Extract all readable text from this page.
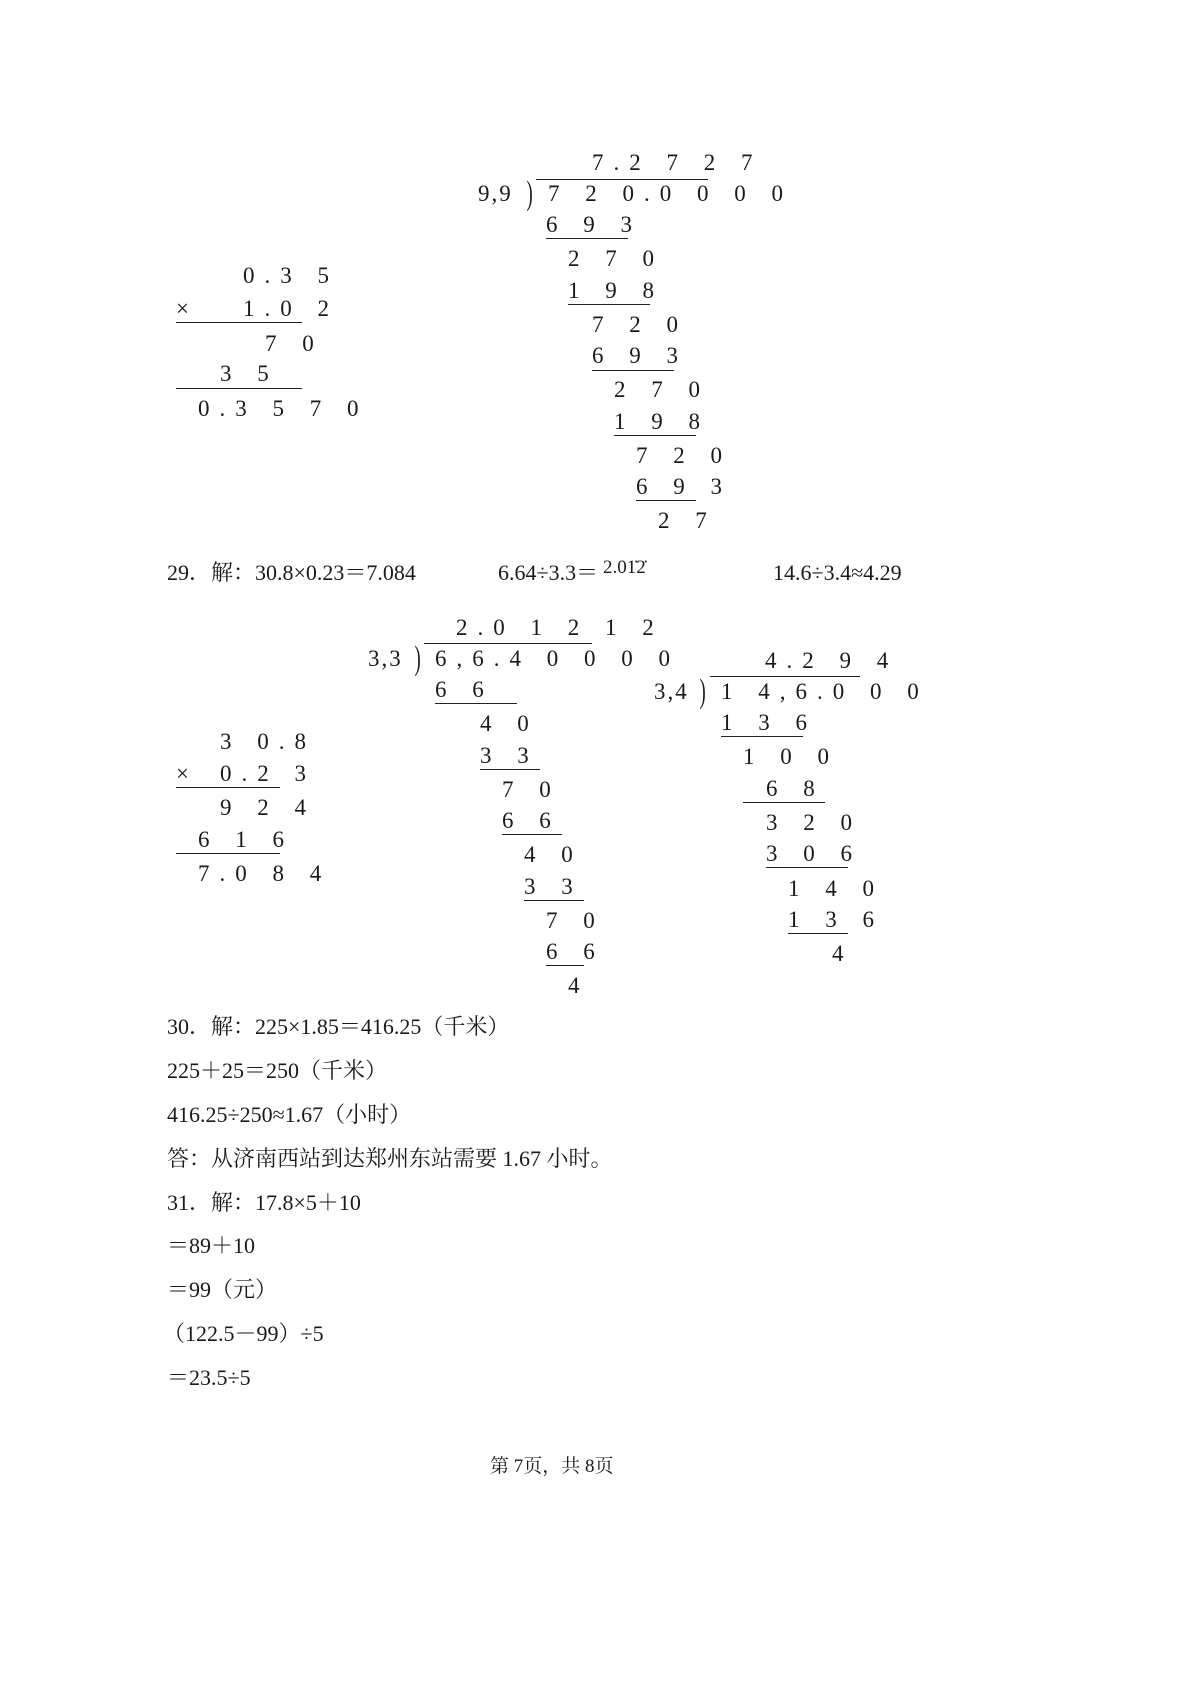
0.3 5
× 1.0 2
7 0
3 5
0.3 5 7 0
7.2 7 2 7
9,9 ) 7 2 0.0 0 0 0
6 9 3
2 7 0
1 9 8
7 2 0
6 9 3
2 7 0
1 9 8
7 2 0
6 9 3
2 7
29．解：30.8×0.23＝7.084	6.64÷3.3＝ 2.01̇2̇	14.6÷3.4≈4.29
3 0.8
× 0.2 3
9 2 4
6 1 6
7.0 8 4
2.0 1 2 1 2
3,3 ) 6,6.4 0 0 0 0
6 6
4 0
3 3
7 0
6 6
4 0
3 3
7 0
6 6
4
4.2 9 4
3,4 ) 1 4,6.0 0 0
1 3 6
1 0 0
6 8
3 2 0
3 0 6
1 4 0
1 3 6
4
30．解：225×1.85＝416.25（千米）
225＋25＝250（千米）
416.25÷250≈1.67（小时）
答：从济南西站到达郑州东站需要 1.67 小时。
31．解：17.8×5＋10
＝89＋10
＝99（元）
（122.5－99）÷5
＝23.5÷5
第 7页，共 8页
